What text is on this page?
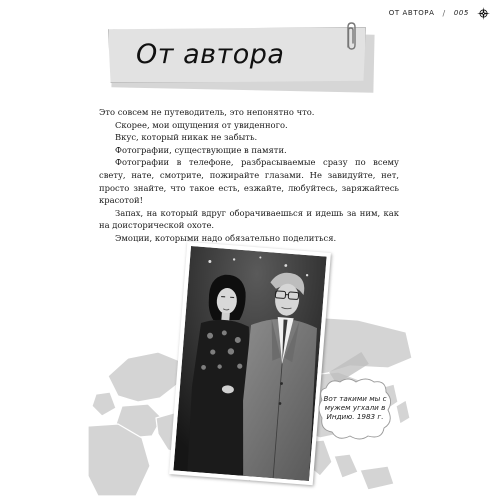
ОТ АВТОРА / 005
От автора

Это совсем не путеводитель, это непонятно что.

Скорее, мои ощущения от увиденного.

Вкус, который никак не забыть.

Фотографии, существующие в памяти.

Фотографии в телефоне, разбрасываемые сразу по всему свету, нате, смотрите, пожирайте глазами. Не завидуйте, нет, просто знайте, что такое есть, езжайте, любуйтесь, заряжайтесь красотой!

Запах, на который вдруг оборачиваешься и идешь за ним, как на доисторической охоте.

Эмоции, которыми надо обязательно поделиться.

Вот такими мы с мужем угхали в Индию. 1983 г.
